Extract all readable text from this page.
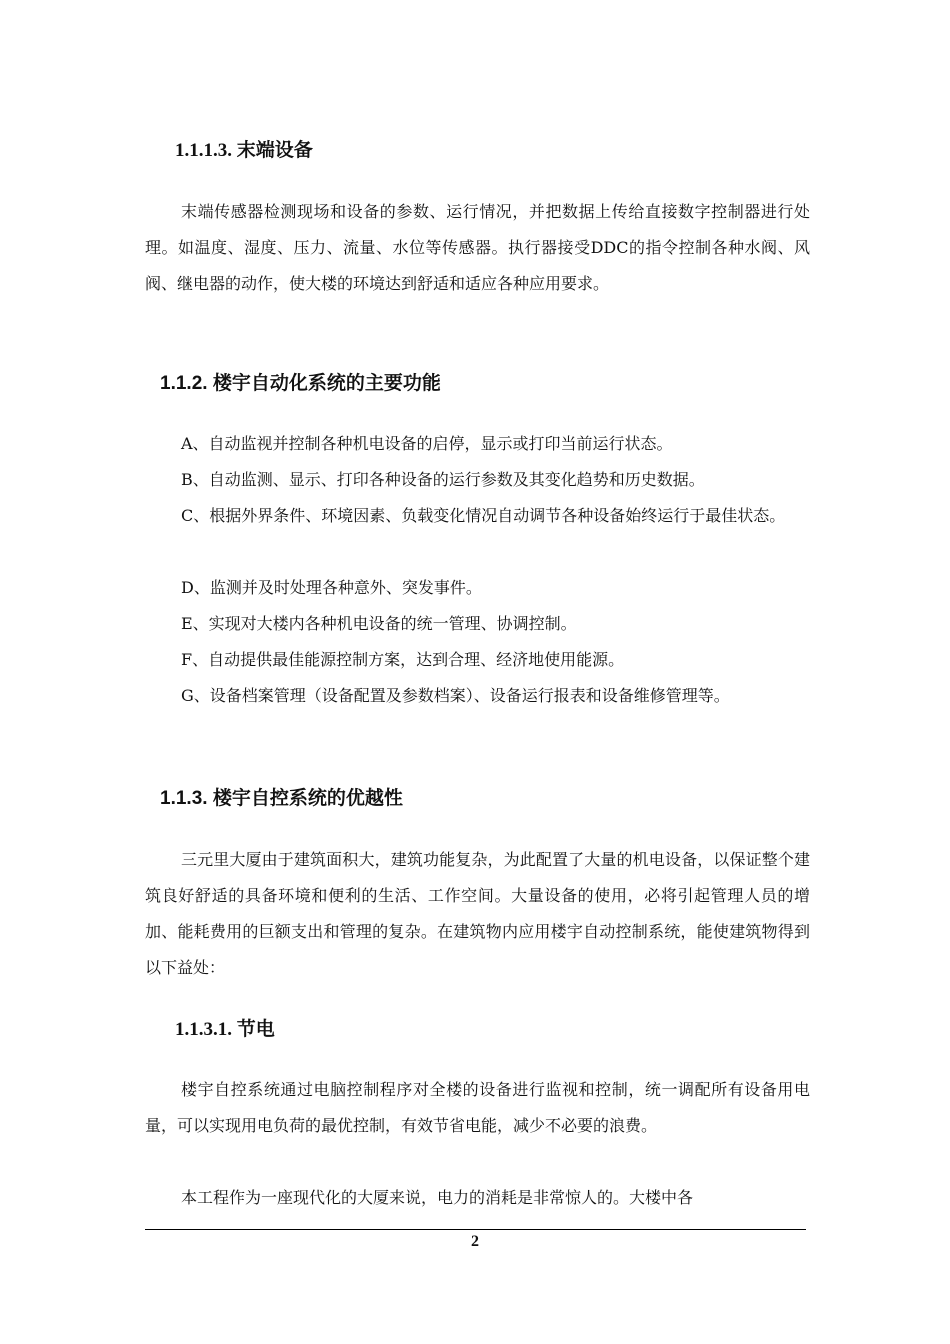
1.1.1.3. 末端设备

末端传感器检测现场和设备的参数、运行情况，并把数据上传给直接数字控制器进行处理。如温度、湿度、压力、流量、水位等传感器。执行器接受DDC的指令控制各种水阀、风阀、继电器的动作，使大楼的环境达到舒适和适应各种应用要求。

1.1.2. 楼宇自动化系统的主要功能

A、自动监视并控制各种机电设备的启停，显示或打印当前运行状态。

B、自动监测、显示、打印各种设备的运行参数及其变化趋势和历史数据。

C、根据外界条件、环境因素、负载变化情况自动调节各种设备始终运行于最佳状态。

D、监测并及时处理各种意外、突发事件。

E、实现对大楼内各种机电设备的统一管理、协调控制。

F、自动提供最佳能源控制方案，达到合理、经济地使用能源。

G、设备档案管理（设备配置及参数档案）、设备运行报表和设备维修管理等。

1.1.3. 楼宇自控系统的优越性

三元里大厦由于建筑面积大，建筑功能复杂，为此配置了大量的机电设备，以保证整个建筑良好舒适的具备环境和便利的生活、工作空间。大量设备的使用，必将引起管理人员的增加、能耗费用的巨额支出和管理的复杂。在建筑物内应用楼宇自动控制系统，能使建筑物得到以下益处：

1.1.3.1. 节电

楼宇自控系统通过电脑控制程序对全楼的设备进行监视和控制，统一调配所有设备用电量，可以实现用电负荷的最优控制，有效节省电能，减少不必要的浪费。

本工程作为一座现代化的大厦来说，电力的消耗是非常惊人的。大楼中各

2
